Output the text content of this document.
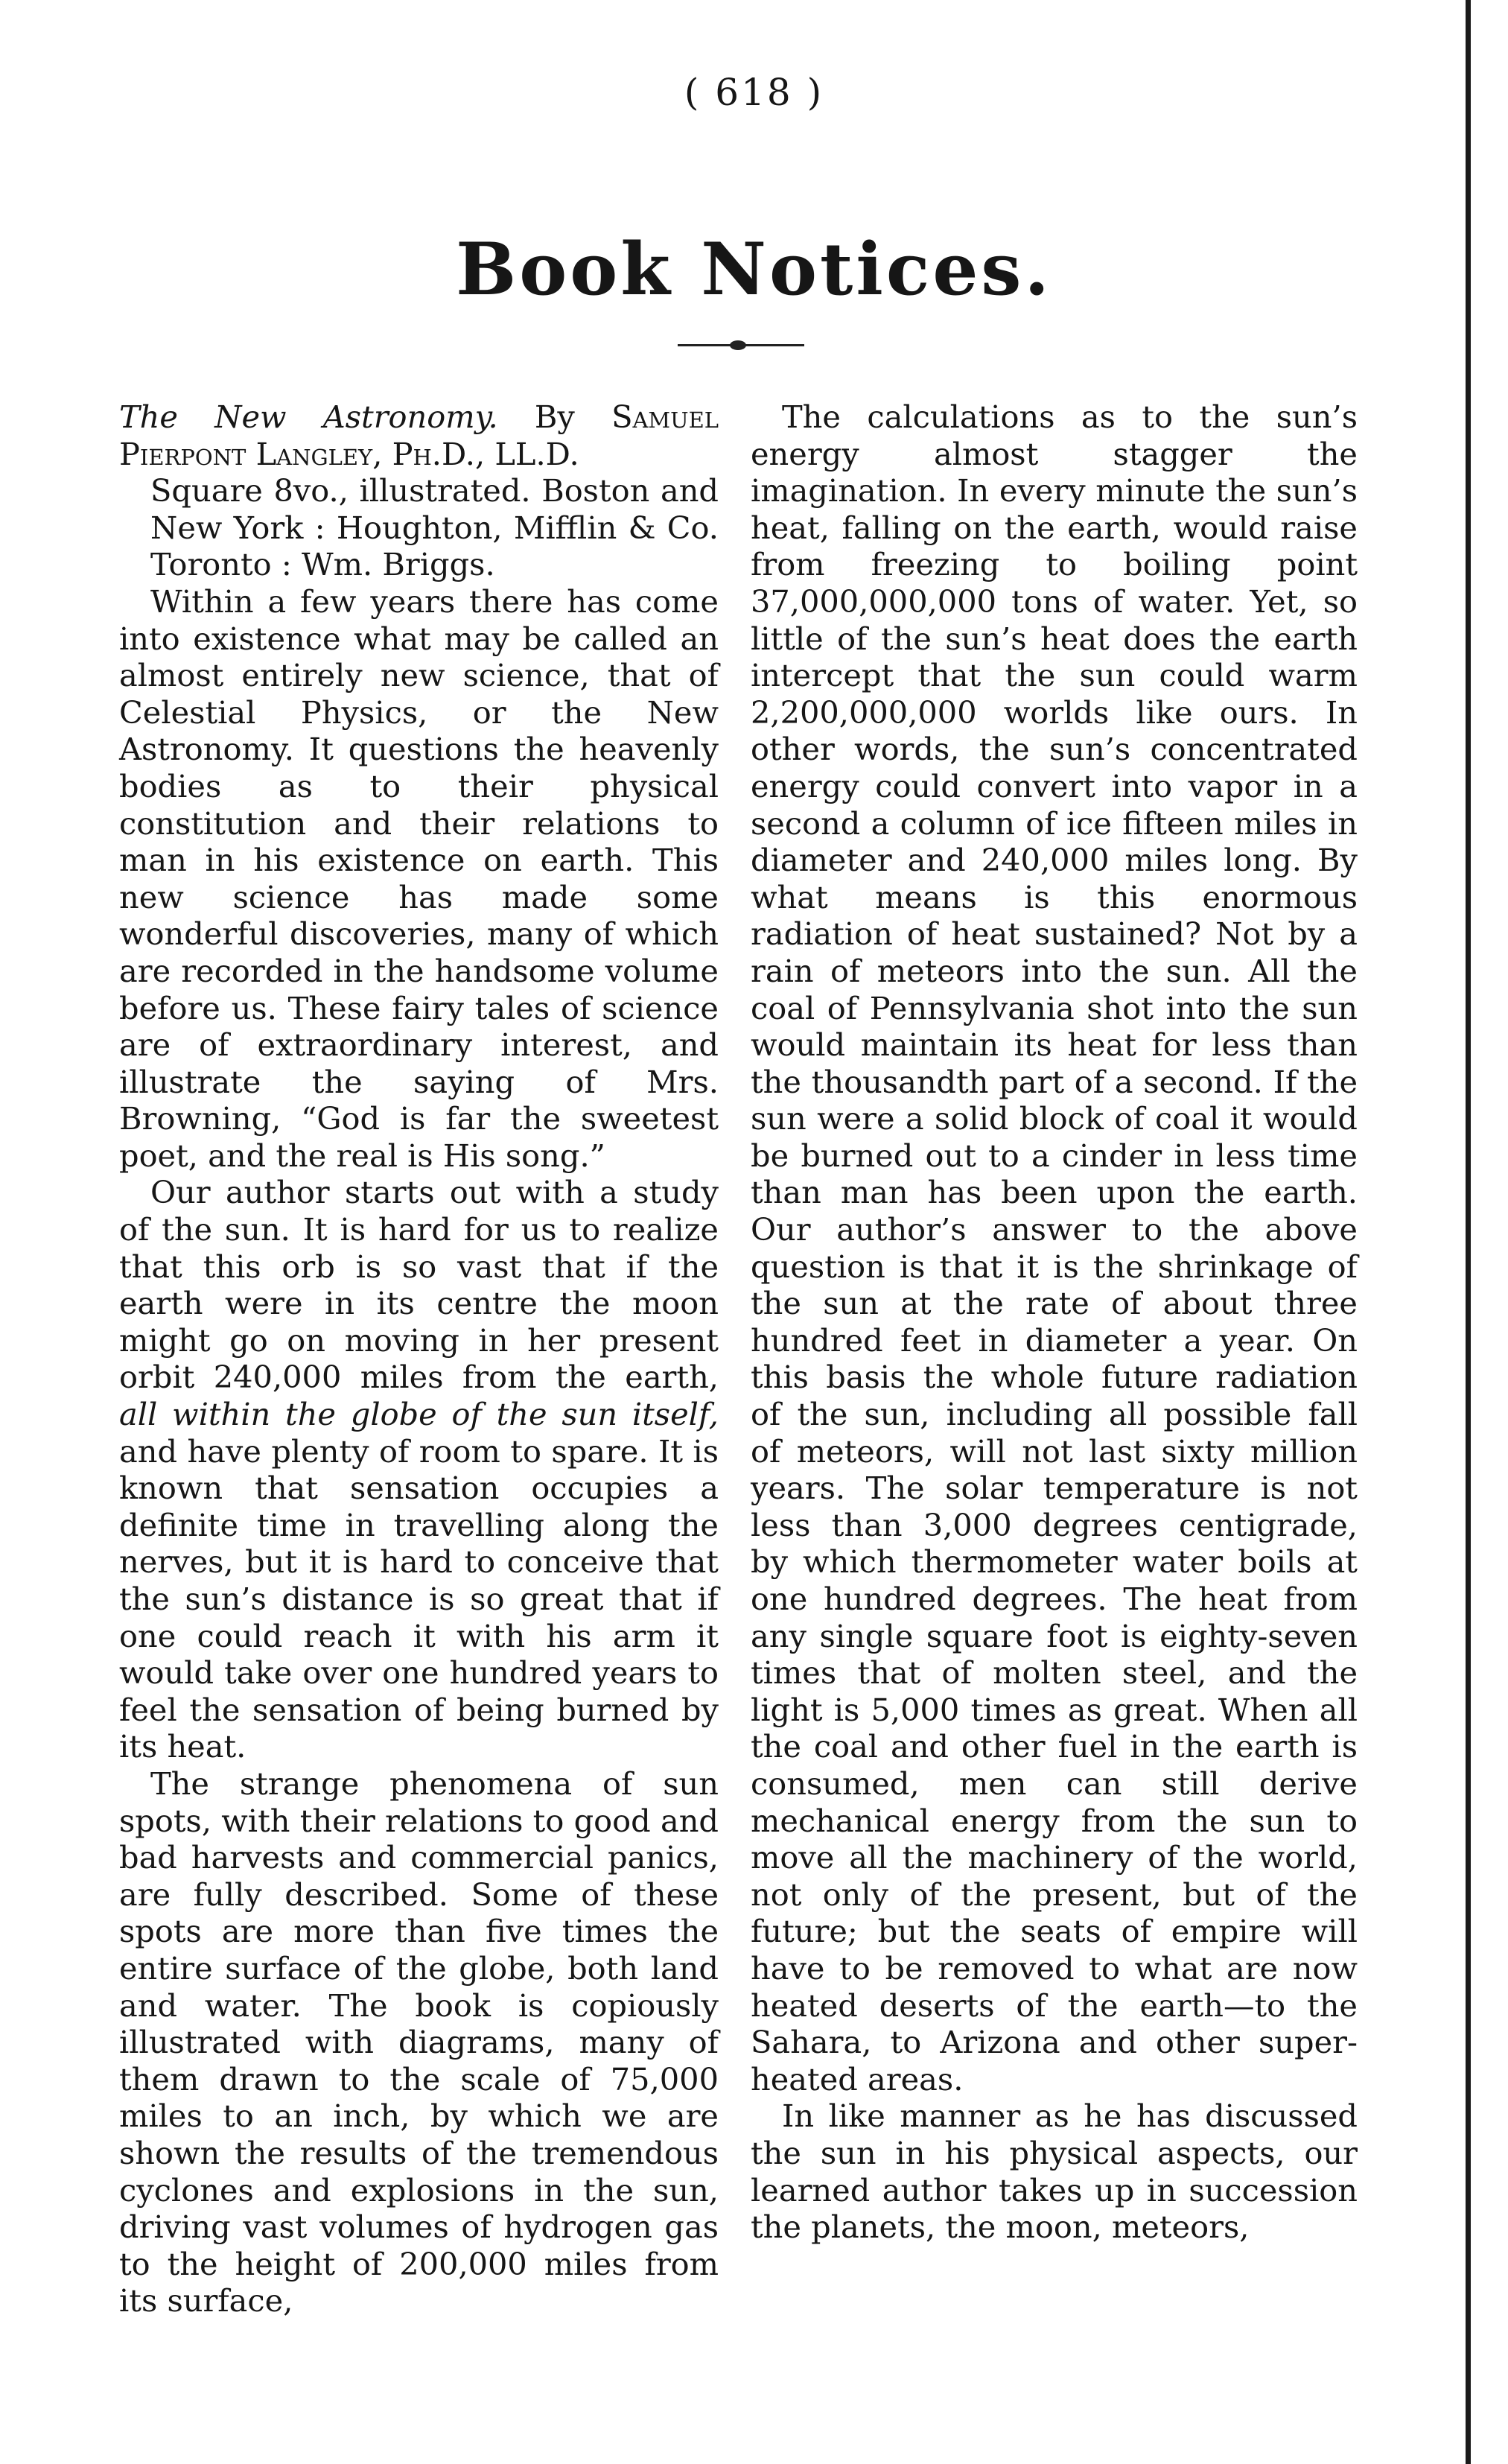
( 618 )
Book Notices.

The New Astronomy. By Samuel Pierpont Langley, Ph.D., LL.D.

Square 8vo., illustrated. Boston and New York : Houghton, Mifflin & Co. Toronto : Wm. Briggs.

Within a few years there has come into existence what may be called an almost entirely new science, that of Celestial Physics, or the New Astronomy. It questions the heavenly bodies as to their physical constitution and their relations to man in his existence on earth. This new science has made some wonderful discoveries, many of which are recorded in the handsome volume before us. These fairy tales of science are of extraordinary interest, and illustrate the saying of Mrs. Browning, “God is far the sweetest poet, and the real is His song.”

Our author starts out with a study of the sun. It is hard for us to realize that this orb is so vast that if the earth were in its centre the moon might go on moving in her present orbit 240,000 miles from the earth, all within the globe of the sun itself, and have plenty of room to spare. It is known that sensation occupies a definite time in travelling along the nerves, but it is hard to conceive that the sun’s distance is so great that if one could reach it with his arm it would take over one hundred years to feel the sensation of being burned by its heat.

The strange phenomena of sun spots, with their relations to good and bad harvests and commercial panics, are fully described. Some of these spots are more than five times the entire surface of the globe, both land and water. The book is copiously illustrated with diagrams, many of them drawn to the scale of 75,000 miles to an inch, by which we are shown the results of the tremendous cyclones and explosions in the sun, driving vast volumes of hydrogen gas to the height of 200,000 miles from its surface,

The calculations as to the sun’s energy almost stagger the imagination. In every minute the sun’s heat, falling on the earth, would raise from freezing to boiling point 37,000,000,000 tons of water. Yet, so little of the sun’s heat does the earth intercept that the sun could warm 2,200,000,000 worlds like ours. In other words, the sun’s concentrated energy could convert into vapor in a second a column of ice fifteen miles in diameter and 240,000 miles long. By what means is this enormous radiation of heat sustained? Not by a rain of meteors into the sun. All the coal of Pennsylvania shot into the sun would maintain its heat for less than the thousandth part of a second. If the sun were a solid block of coal it would be burned out to a cinder in less time than man has been upon the earth. Our author’s answer to the above question is that it is the shrinkage of the sun at the rate of about three hundred feet in diameter a year. On this basis the whole future radiation of the sun, including all possible fall of meteors, will not last sixty million years. The solar temperature is not less than 3,000 degrees centigrade, by which thermometer water boils at one hundred degrees. The heat from any single square foot is eighty-seven times that of molten steel, and the light is 5,000 times as great. When all the coal and other fuel in the earth is consumed, men can still derive mechanical energy from the sun to move all the machinery of the world, not only of the present, but of the future; but the seats of empire will have to be removed to what are now heated deserts of the earth—to the Sahara, to Arizona and other super-heated areas.

In like manner as he has discussed the sun in his physical aspects, our learned author takes up in succession the planets, the moon, meteors,
